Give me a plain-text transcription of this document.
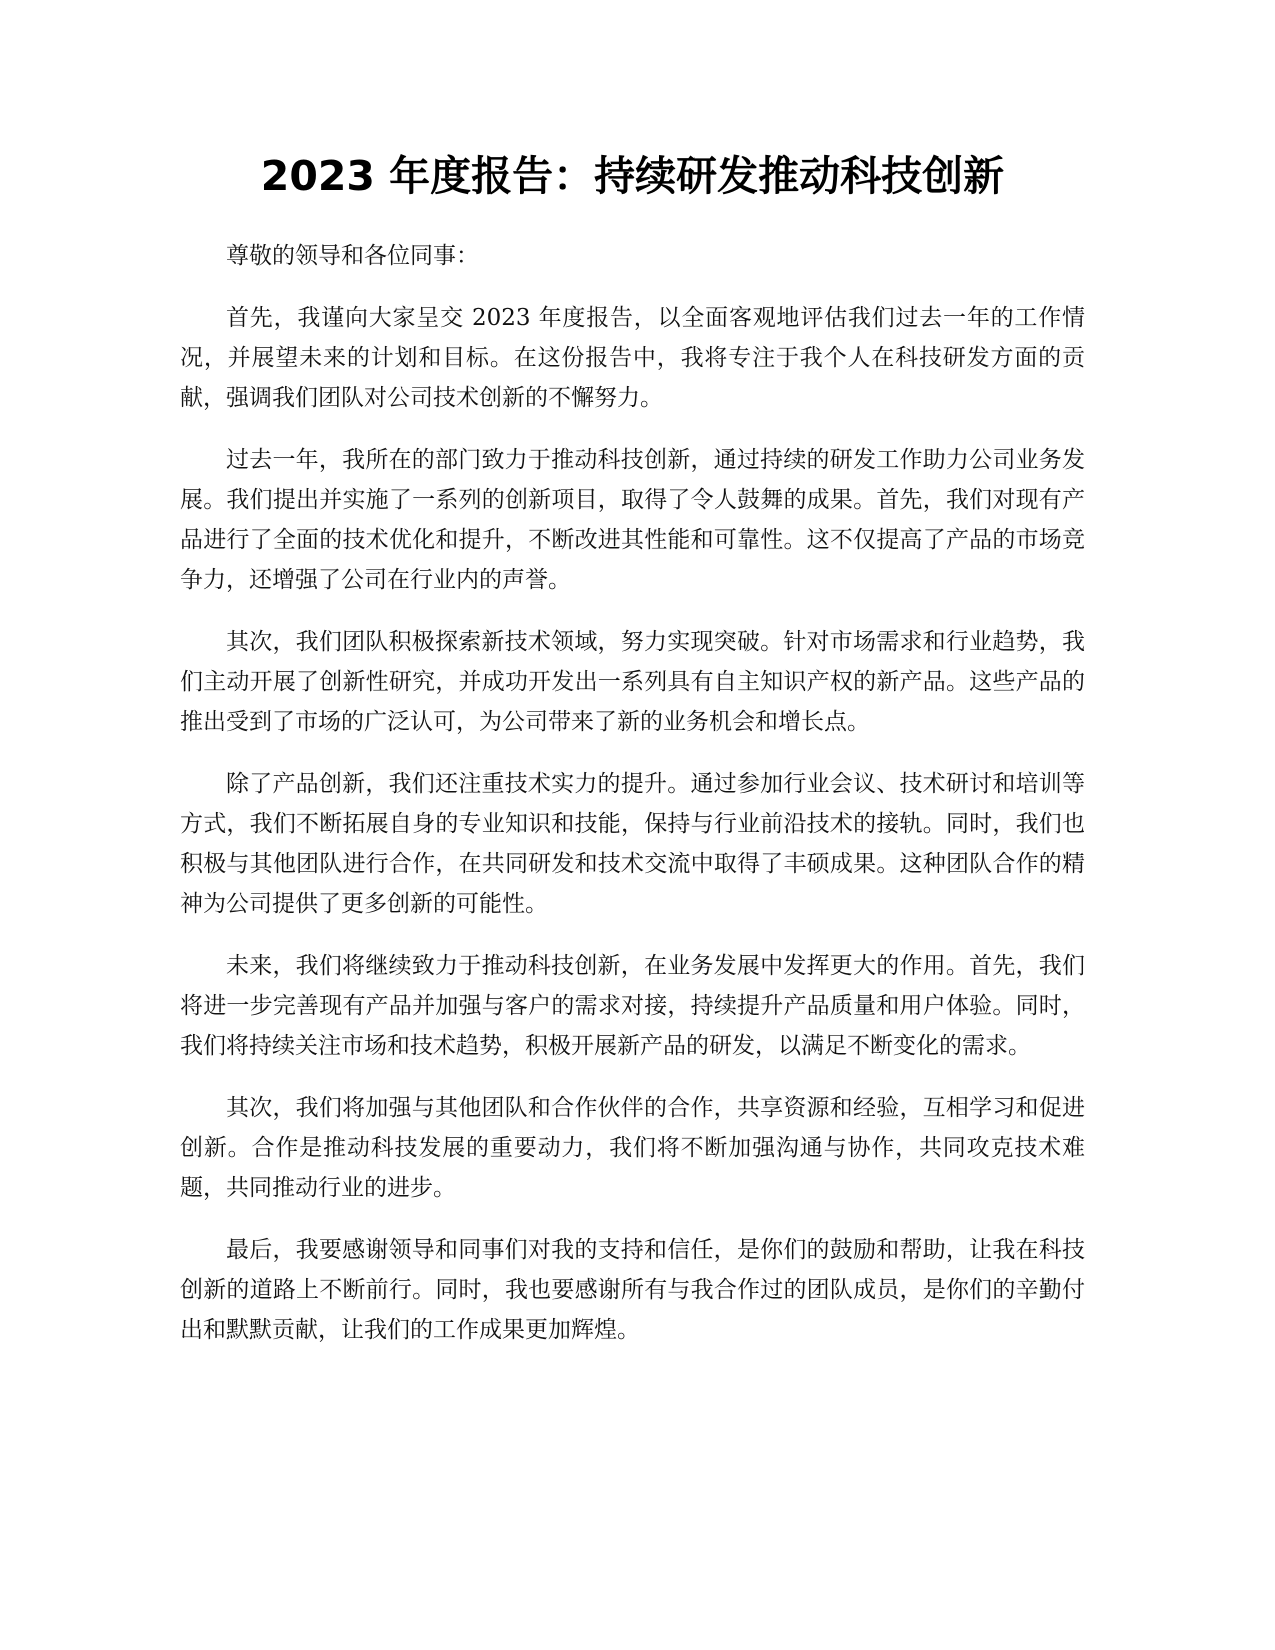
2023 年度报告：持续研发推动科技创新

尊敬的领导和各位同事：

首先，我谨向大家呈交 2023 年度报告，以全面客观地评估我们过去一年的工作情况，并展望未来的计划和目标。在这份报告中，我将专注于我个人在科技研发方面的贡献，强调我们团队对公司技术创新的不懈努力。

过去一年，我所在的部门致力于推动科技创新，通过持续的研发工作助力公司业务发展。我们提出并实施了一系列的创新项目，取得了令人鼓舞的成果。首先，我们对现有产品进行了全面的技术优化和提升，不断改进其性能和可靠性。这不仅提高了产品的市场竞争力，还增强了公司在行业内的声誉。

其次，我们团队积极探索新技术领域，努力实现突破。针对市场需求和行业趋势，我们主动开展了创新性研究，并成功开发出一系列具有自主知识产权的新产品。这些产品的推出受到了市场的广泛认可，为公司带来了新的业务机会和增长点。

除了产品创新，我们还注重技术实力的提升。通过参加行业会议、技术研讨和培训等方式，我们不断拓展自身的专业知识和技能，保持与行业前沿技术的接轨。同时，我们也积极与其他团队进行合作，在共同研发和技术交流中取得了丰硕成果。这种团队合作的精神为公司提供了更多创新的可能性。

未来，我们将继续致力于推动科技创新，在业务发展中发挥更大的作用。首先，我们将进一步完善现有产品并加强与客户的需求对接，持续提升产品质量和用户体验。同时，我们将持续关注市场和技术趋势，积极开展新产品的研发，以满足不断变化的需求。

其次，我们将加强与其他团队和合作伙伴的合作，共享资源和经验，互相学习和促进创新。合作是推动科技发展的重要动力，我们将不断加强沟通与协作，共同攻克技术难题，共同推动行业的进步。

最后，我要感谢领导和同事们对我的支持和信任，是你们的鼓励和帮助，让我在科技创新的道路上不断前行。同时，我也要感谢所有与我合作过的团队成员，是你们的辛勤付出和默默贡献，让我们的工作成果更加辉煌。
